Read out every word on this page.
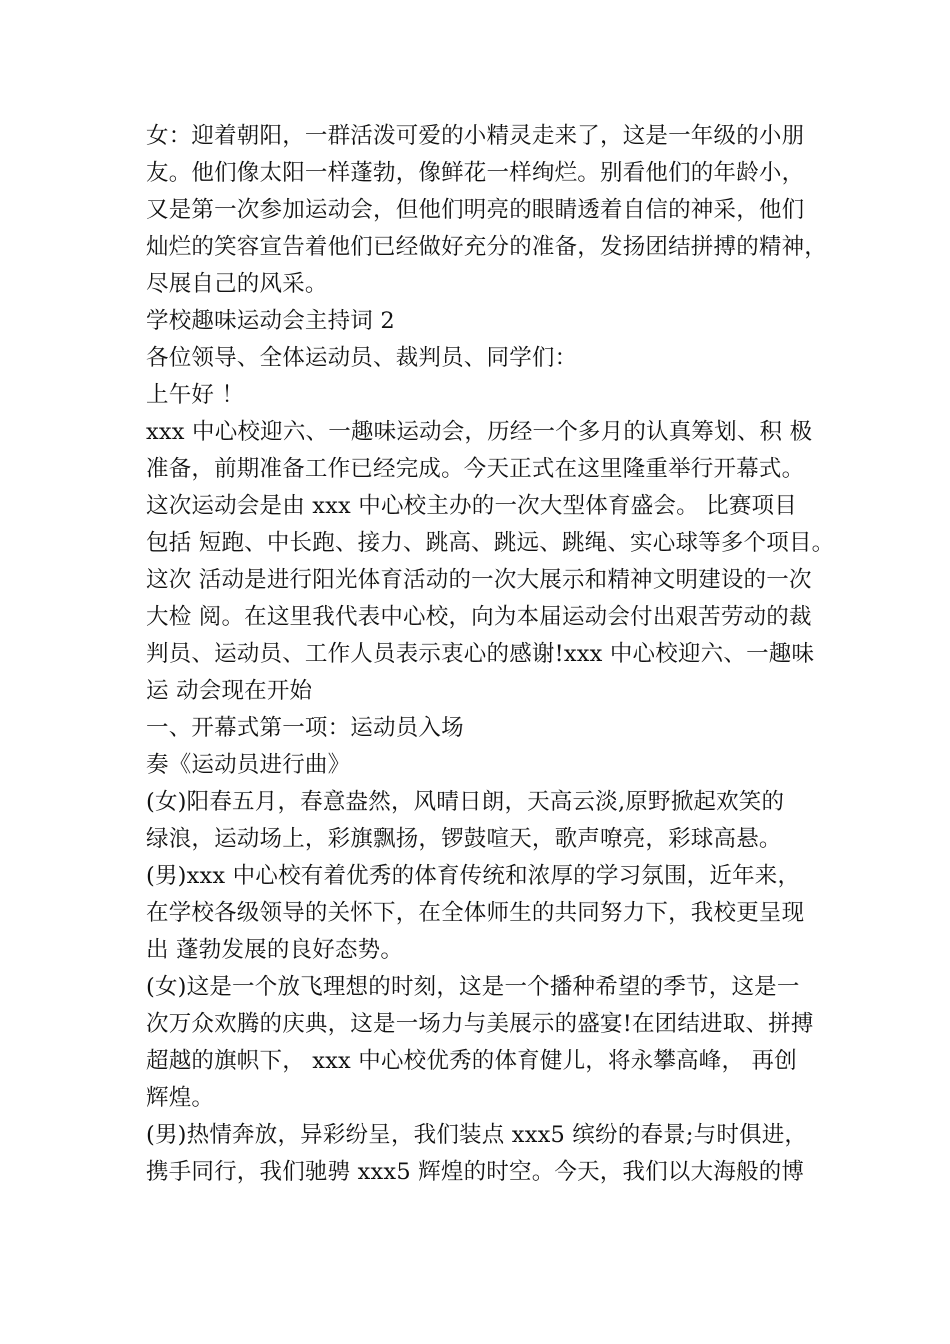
女：迎着朝阳，一群活泼可爱的小精灵走来了，这是一年级的小朋
友。他们像太阳一样蓬勃，像鲜花一样绚烂。别看他们的年龄小，
又是第一次参加运动会，但他们明亮的眼睛透着自信的神采，他们
灿烂的笑容宣告着他们已经做好充分的准备，发扬团结拼搏的精神，
尽展自己的风采。
学校趣味运动会主持词 2
各位领导、全体运动员、裁判员、同学们：
上午好 ！
xxx 中心校迎六、一趣味运动会，历经一个多月的认真筹划、积 极
准备，前期准备工作已经完成。今天正式在这里隆重举行开幕式。
这次运动会是由 xxx 中心校主办的一次大型体育盛会。 比赛项目
包括 短跑、中长跑、接力、跳高、跳远、跳绳、实心球等多个项目。
这次 活动是进行阳光体育活动的一次大展示和精神文明建设的一次
大检 阅。在这里我代表中心校，向为本届运动会付出艰苦劳动的裁
判员、运动员、工作人员表示衷心的感谢!xxx 中心校迎六、一趣味
运 动会现在开始
一、开幕式第一项：运动员入场
奏《运动员进行曲》
(女)阳春五月，春意盎然，风晴日朗，天高云淡,原野掀起欢笑的
绿浪，运动场上，彩旗飘扬，锣鼓喧天，歌声嘹亮，彩球高悬。
(男)xxx 中心校有着优秀的体育传统和浓厚的学习氛围，近年来，
在学校各级领导的关怀下，在全体师生的共同努力下，我校更呈现
出 蓬勃发展的良好态势。
(女)这是一个放飞理想的时刻，这是一个播种希望的季节，这是一
次万众欢腾的庆典，这是一场力与美展示的盛宴!在团结进取、拼搏
超越的旗帜下， xxx 中心校优秀的体育健儿，将永攀高峰， 再创
辉煌。
(男)热情奔放，异彩纷呈，我们装点 xxx5 缤纷的春景;与时俱进，
携手同行，我们驰骋 xxx5 辉煌的时空。今天，我们以大海般的博
